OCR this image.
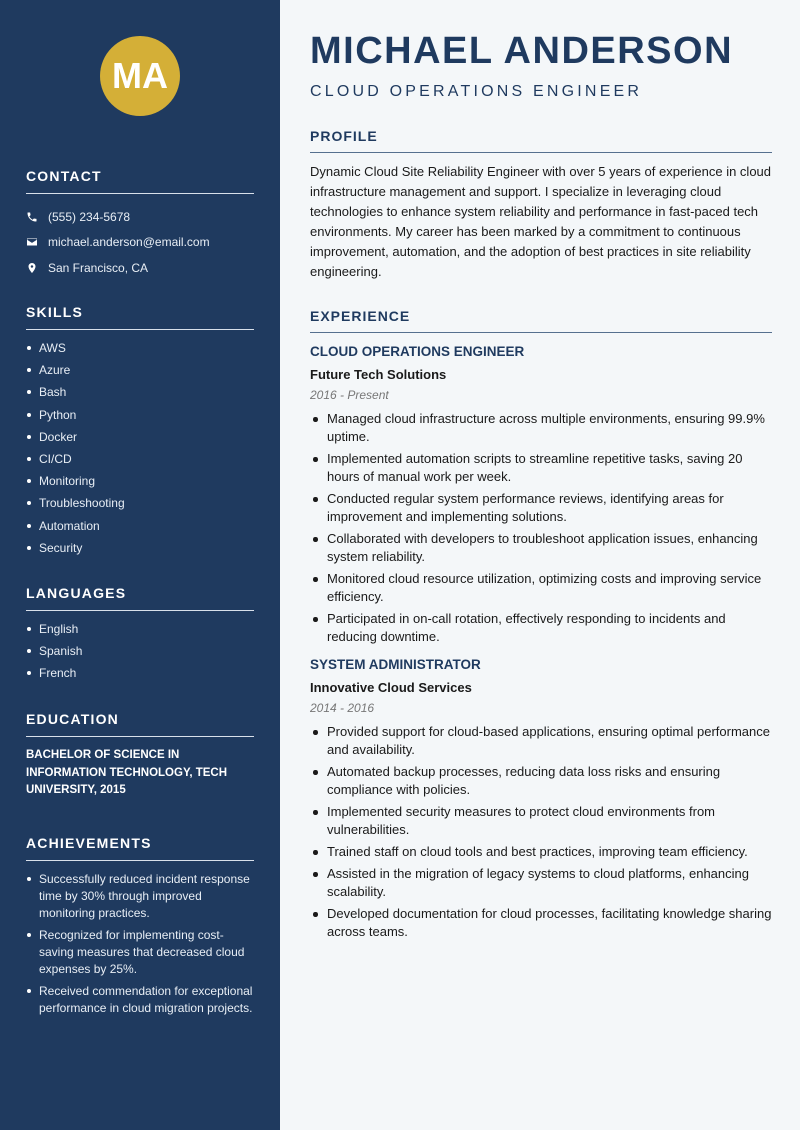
MA
CONTACT
(555) 234-5678
michael.anderson@email.com
San Francisco, CA
SKILLS
AWS
Azure
Bash
Python
Docker
CI/CD
Monitoring
Troubleshooting
Automation
Security
LANGUAGES
English
Spanish
French
EDUCATION
BACHELOR OF SCIENCE IN INFORMATION TECHNOLOGY, TECH UNIVERSITY, 2015
ACHIEVEMENTS
Successfully reduced incident response time by 30% through improved monitoring practices.
Recognized for implementing cost-saving measures that decreased cloud expenses by 25%.
Received commendation for exceptional performance in cloud migration projects.
MICHAEL ANDERSON
CLOUD OPERATIONS ENGINEER
PROFILE
Dynamic Cloud Site Reliability Engineer with over 5 years of experience in cloud infrastructure management and support. I specialize in leveraging cloud technologies to enhance system reliability and performance in fast-paced tech environments. My career has been marked by a commitment to continuous improvement, automation, and the adoption of best practices in site reliability engineering.
EXPERIENCE
CLOUD OPERATIONS ENGINEER
Future Tech Solutions
2016 - Present
Managed cloud infrastructure across multiple environments, ensuring 99.9% uptime.
Implemented automation scripts to streamline repetitive tasks, saving 20 hours of manual work per week.
Conducted regular system performance reviews, identifying areas for improvement and implementing solutions.
Collaborated with developers to troubleshoot application issues, enhancing system reliability.
Monitored cloud resource utilization, optimizing costs and improving service efficiency.
Participated in on-call rotation, effectively responding to incidents and reducing downtime.
SYSTEM ADMINISTRATOR
Innovative Cloud Services
2014 - 2016
Provided support for cloud-based applications, ensuring optimal performance and availability.
Automated backup processes, reducing data loss risks and ensuring compliance with policies.
Implemented security measures to protect cloud environments from vulnerabilities.
Trained staff on cloud tools and best practices, improving team efficiency.
Assisted in the migration of legacy systems to cloud platforms, enhancing scalability.
Developed documentation for cloud processes, facilitating knowledge sharing across teams.
